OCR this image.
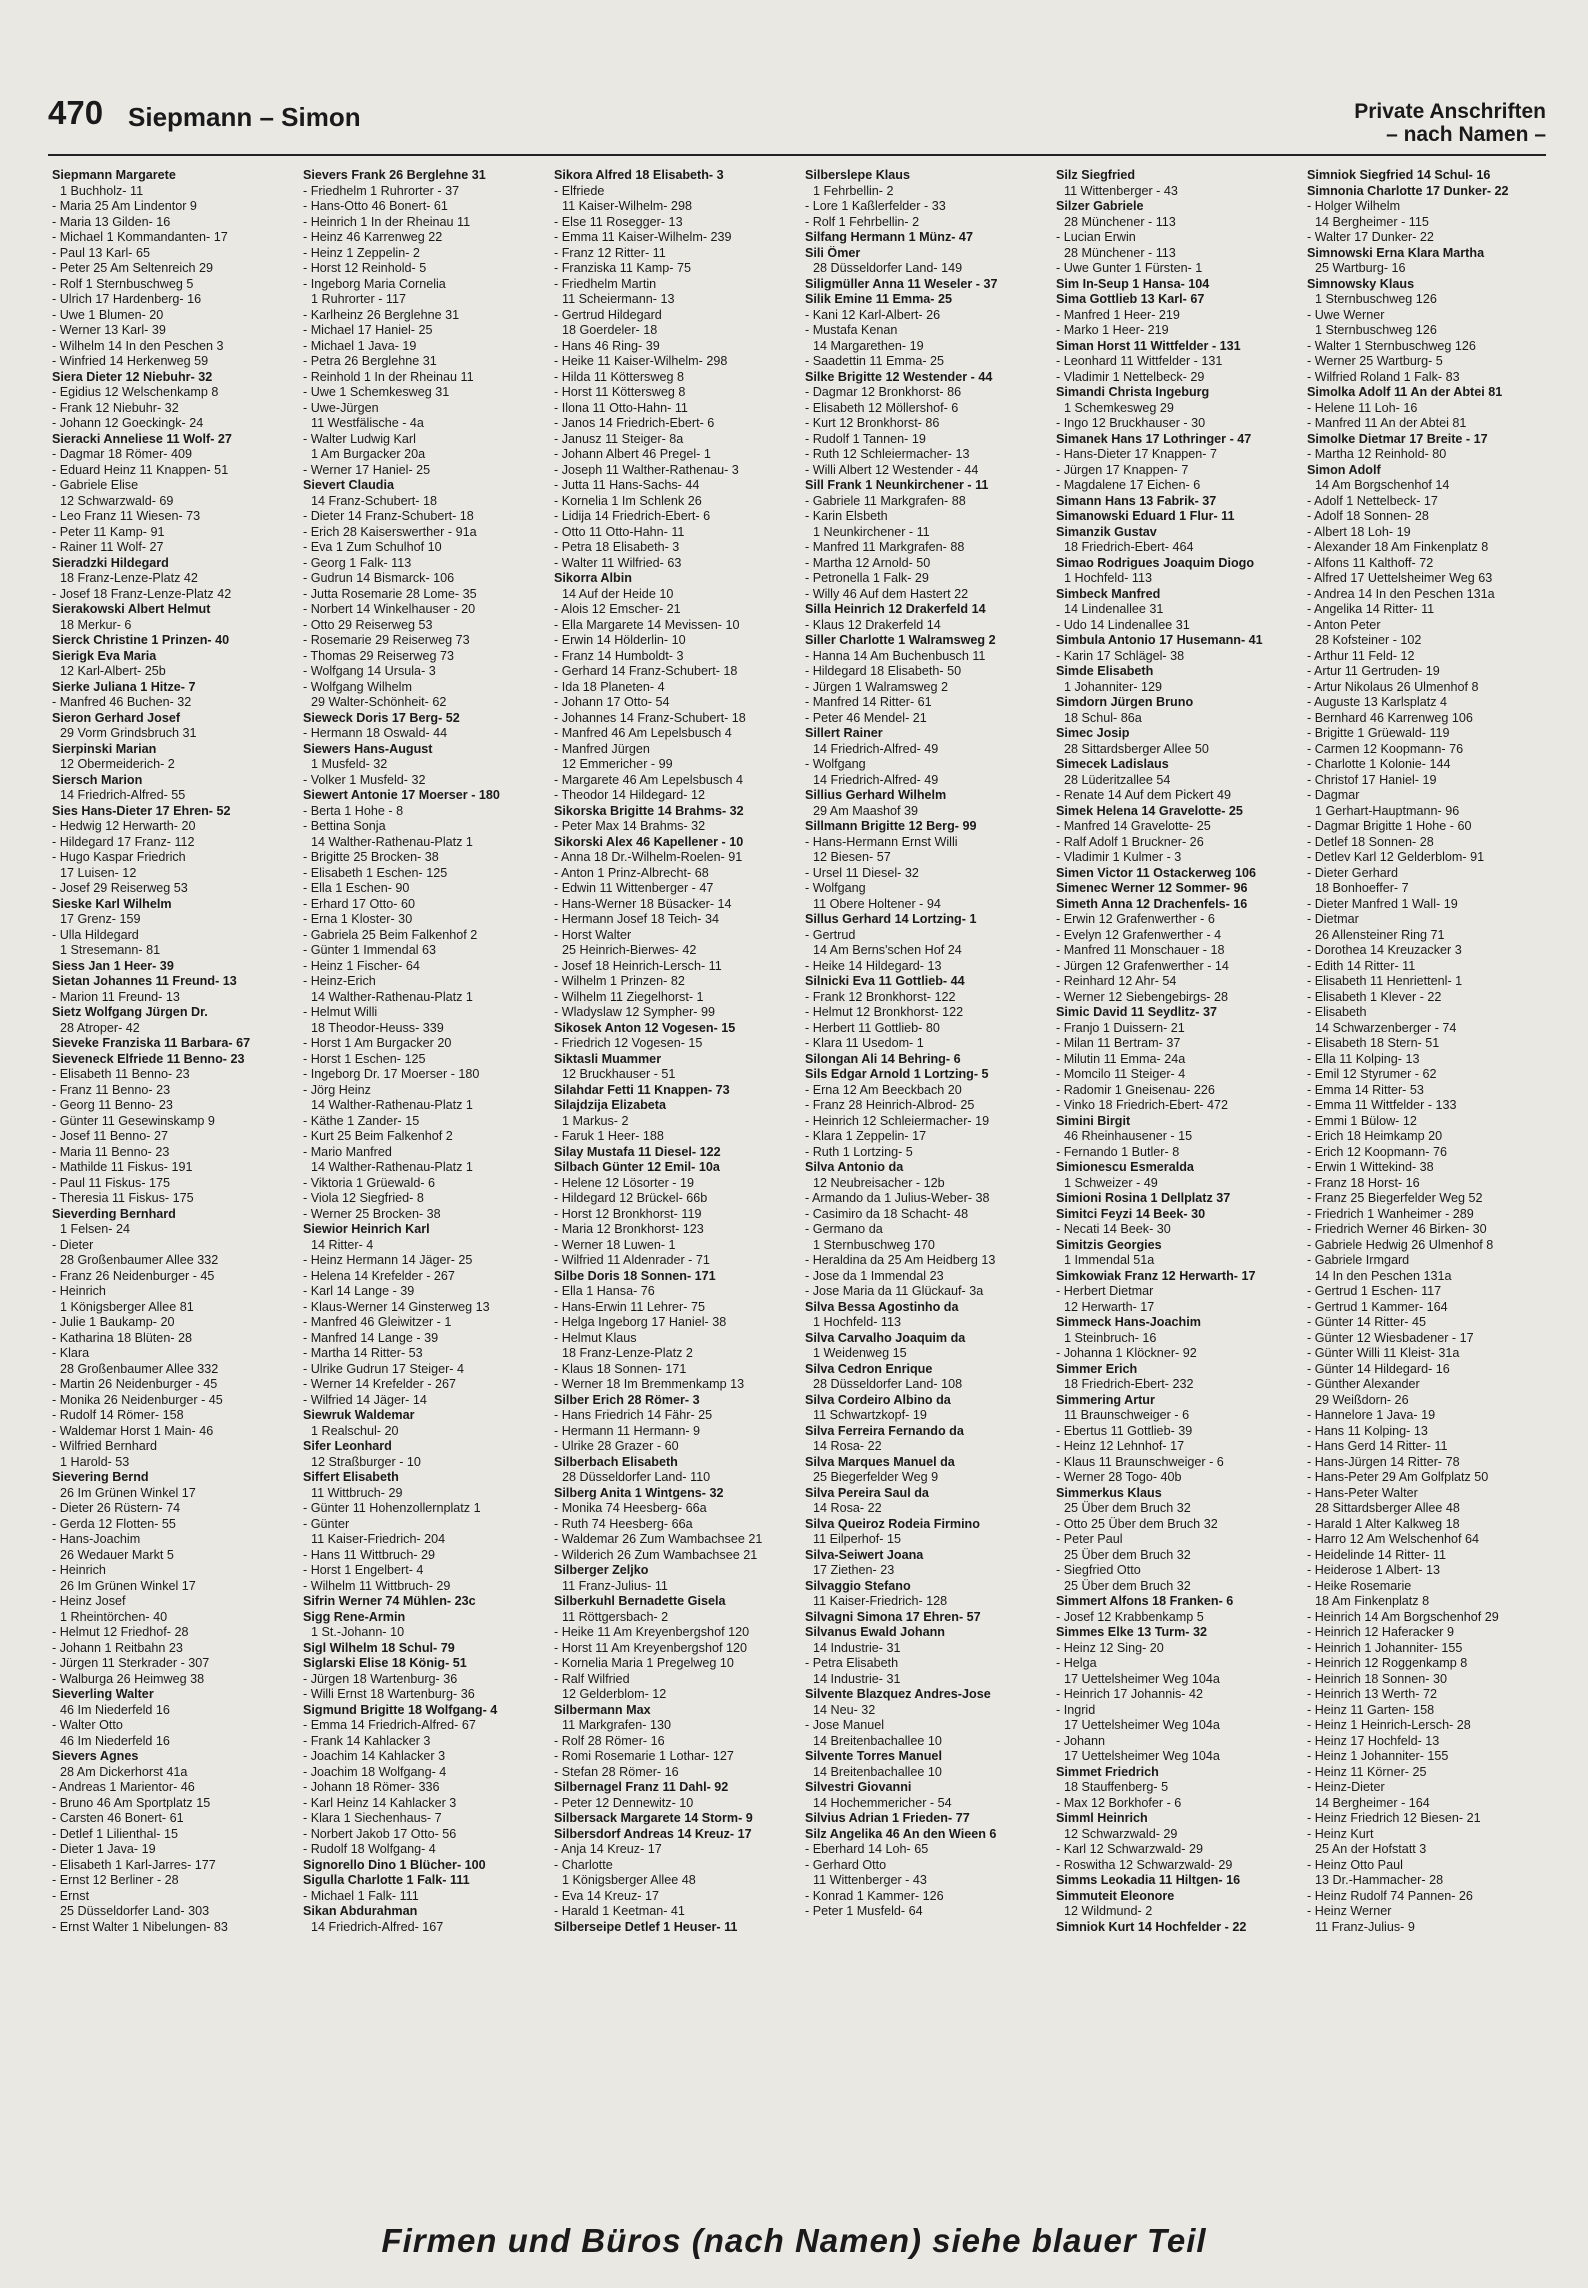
470 Siepmann – Simon	Private Anschriften
– nach Namen –
Siepmann Margarete
1 Buchholz- 11
- Maria 25 Am Lindentor 9
- Maria 13 Gilden- 16
- Michael 1 Kommandanten- 17
- Paul 13 Karl- 65
- Peter 25 Am Seltenreich 29
- Rolf 1 Sternbuschweg 5
- Ulrich 17 Hardenberg- 16
- Uwe 1 Blumen- 20
- Werner 13 Karl- 39
- Wilhelm 14 In den Peschen 3
- Winfried 14 Herkenweg 59
Siera Dieter 12 Niebuhr- 32
- Egidius 12 Welschenkamp 8
- Frank 12 Niebuhr- 32
- Johann 12 Goeckingk- 24
Sieracki Anneliese 11 Wolf- 27
- Dagmar 18 Römer- 409
- Eduard Heinz 11 Knappen- 51
- Gabriele Elise
12 Schwarzwald- 69
- Leo Franz 11 Wiesen- 73
- Peter 11 Kamp- 91
- Rainer 11 Wolf- 27
Sieradzki Hildegard
18 Franz-Lenze-Platz 42
- Josef 18 Franz-Lenze-Platz 42
Sierakowski Albert Helmut
18 Merkur- 6
Sierck Christine 1 Prinzen- 40
Sierigk Eva Maria
12 Karl-Albert- 25b
Sierke Juliana 1 Hitze- 7
- Manfred 46 Buchen- 32
Sieron Gerhard Josef
29 Vorm Grindsbruch 31
Sierpinski Marian
12 Obermeiderich- 2
Siersch Marion
14 Friedrich-Alfred- 55
Sies Hans-Dieter 17 Ehren- 52
- Hedwig 12 Herwarth- 20
- Hildegard 17 Franz- 112
- Hugo Kaspar Friedrich
17 Luisen- 12
- Josef 29 Reiserweg 53
Sieske Karl Wilhelm
17 Grenz- 159
- Ulla Hildegard
1 Stresemann- 81
Siess Jan 1 Heer- 39
Sietan Johannes 11 Freund- 13
- Marion 11 Freund- 13
Sietz Wolfgang Jürgen Dr.
28 Atroper- 42
Sieveke Franziska 11 Barbara- 67
Sieveneck Elfriede 11 Benno- 23
- Elisabeth 11 Benno- 23
- Franz 11 Benno- 23
- Georg 11 Benno- 23
- Günter 11 Gesewinskamp 9
- Josef 11 Benno- 27
- Maria 11 Benno- 23
- Mathilde 11 Fiskus- 191
- Paul 11 Fiskus- 175
- Theresia 11 Fiskus- 175
Sieverding Bernhard
1 Felsen- 24
- Dieter
28 Großenbaumer Allee 332
- Franz 26 Neidenburger - 45
- Heinrich
1 Königsberger Allee 81
- Julie 1 Baukamp- 20
- Katharina 18 Blüten- 28
- Klara
28 Großenbaumer Allee 332
- Martin 26 Neidenburger - 45
- Monika 26 Neidenburger - 45
- Rudolf 14 Römer- 158
- Waldemar Horst 1 Main- 46
- Wilfried Bernhard
1 Harold- 53
Sievering Bernd
26 Im Grünen Winkel 17
- Dieter 26 Rüstern- 74
- Gerda 12 Flotten- 55
- Hans-Joachim
26 Wedauer Markt 5
- Heinrich
26 Im Grünen Winkel 17
- Heinz Josef
1 Rheintörchen- 40
- Helmut 12 Friedhof- 28
- Johann 1 Reitbahn 23
- Jürgen 11 Sterkrader - 307
- Walburga 26 Heimweg 38
Sieverling Walter
46 Im Niederfeld 16
- Walter Otto
46 Im Niederfeld 16
Sievers Agnes
28 Am Dickerhorst 41a
- Andreas 1 Marientor- 46
- Bruno 46 Am Sportplatz 15
- Carsten 46 Bonert- 61
- Detlef 1 Lilienthal- 15
- Dieter 1 Java- 19
- Elisabeth 1 Karl-Jarres- 177
- Ernst 12 Berliner - 28
- Ernst
25 Düsseldorfer Land- 303
- Ernst Walter 1 Nibelungen- 83
Sievers Frank 26 Berglehne 31
- Friedhelm 1 Ruhrorter - 37
- Hans-Otto 46 Bonert- 61
- Heinrich 1 In der Rheinau 11
- Heinz 46 Karrenweg 22
- Heinz 1 Zeppelin- 2
- Horst 12 Reinhold- 5
- Ingeborg Maria Cornelia
1 Ruhrorter - 117
- Karlheinz 26 Berglehne 31
- Michael 17 Haniel- 25
- Michael 1 Java- 19
- Petra 26 Berglehne 31
- Reinhold 1 In der Rheinau 11
- Uwe 1 Schemkesweg 31
- Uwe-Jürgen
11 Westfälische - 4a
- Walter Ludwig Karl
1 Am Burgacker 20a
- Werner 17 Haniel- 25
Sievert Claudia
14 Franz-Schubert- 18
- Dieter 14 Franz-Schubert- 18
- Erich 28 Kaiserswerther - 91a
- Eva 1 Zum Schulhof 10
- Georg 1 Falk- 113
- Gudrun 14 Bismarck- 106
- Jutta Rosemarie 28 Lome- 35
- Norbert 14 Winkelhauser - 20
- Otto 29 Reiserweg 53
- Rosemarie 29 Reiserweg 73
- Thomas 29 Reiserweg 73
- Wolfgang 14 Ursula- 3
- Wolfgang Wilhelm
29 Walter-Schönheit- 62
Sieweck Doris 17 Berg- 52
- Hermann 18 Oswald- 44
Siewers Hans-August
1 Musfeld- 32
- Volker 1 Musfeld- 32
Siewert Antonie 17 Moerser - 180
- Berta 1 Hohe - 8
- Bettina Sonja
14 Walther-Rathenau-Platz 1
- Brigitte 25 Brocken- 38
- Elisabeth 1 Eschen- 125
- Ella 1 Eschen- 90
- Erhard 17 Otto- 60
- Erna 1 Kloster- 30
- Gabriela 25 Beim Falkenhof 2
- Günter 1 Immendal 63
- Heinz 1 Fischer- 64
- Heinz-Erich
14 Walther-Rathenau-Platz 1
- Helmut Willi
18 Theodor-Heuss- 339
- Horst 1 Am Burgacker 20
- Horst 1 Eschen- 125
- Ingeborg Dr. 17 Moerser - 180
- Jörg Heinz
14 Walther-Rathenau-Platz 1
- Käthe 1 Zander- 15
- Kurt 25 Beim Falkenhof 2
- Mario Manfred
14 Walther-Rathenau-Platz 1
- Viktoria 1 Grüewald- 6
- Viola 12 Siegfried- 8
- Werner 25 Brocken- 38
Siewior Heinrich Karl
14 Ritter- 4
- Heinz Hermann 14 Jäger- 25
- Helena 14 Krefelder - 267
- Karl 14 Lange - 39
- Klaus-Werner 14 Ginsterweg 13
- Manfred 46 Gleiwitzer - 1
- Manfred 14 Lange - 39
- Martha 14 Ritter- 53
- Ulrike Gudrun 17 Steiger- 4
- Werner 14 Krefelder - 267
- Wilfried 14 Jäger- 14
Siewruk Waldemar
1 Realschul- 20
Sifer Leonhard
12 Straßburger - 10
Siffert Elisabeth
11 Wittbruch- 29
- Günter 11 Hohenzollernplatz 1
- Günter
11 Kaiser-Friedrich- 204
- Hans 11 Wittbruch- 29
- Horst 1 Engelbert- 4
- Wilhelm 11 Wittbruch- 29
Sifrin Werner 74 Mühlen- 23c
Sigg Rene-Armin
1 St.-Johann- 10
Sigl Wilhelm 18 Schul- 79
Siglarski Elise 18 König- 51
- Jürgen 18 Wartenburg- 36
- Willi Ernst 18 Wartenburg- 36
Sigmund Brigitte 18 Wolfgang- 4
- Emma 14 Friedrich-Alfred- 67
- Frank 14 Kahlacker 3
- Joachim 14 Kahlacker 3
- Joachim 18 Wolfgang- 4
- Johann 18 Römer- 336
- Karl Heinz 14 Kahlacker 3
- Klara 1 Siechenhaus- 7
- Norbert Jakob 17 Otto- 56
- Rudolf 18 Wolfgang- 4
Signorello Dino 1 Blücher- 100
Sigulla Charlotte 1 Falk- 111
- Michael 1 Falk- 111
Sikan Abdurahman
14 Friedrich-Alfred- 167
Sikora Alfred 18 Elisabeth- 3
- Elfriede
11 Kaiser-Wilhelm- 298
- Else 11 Rosegger- 13
- Emma 11 Kaiser-Wilhelm- 239
- Franz 12 Ritter- 11
- Franziska 11 Kamp- 75
- Friedhelm Martin
11 Scheiermann- 13
- Gertrud Hildegard
18 Goerdeler- 18
- Hans 46 Ring- 39
- Heike 11 Kaiser-Wilhelm- 298
- Hilda 11 Köttersweg 8
- Horst 11 Köttersweg 8
- Ilona 11 Otto-Hahn- 11
- Janos 14 Friedrich-Ebert- 6
- Janusz 11 Steiger- 8a
- Johann Albert 46 Pregel- 1
- Joseph 11 Walther-Rathenau- 3
- Jutta 11 Hans-Sachs- 44
- Kornelia 1 Im Schlenk 26
- Lidija 14 Friedrich-Ebert- 6
- Otto 11 Otto-Hahn- 11
- Petra 18 Elisabeth- 3
- Walter 11 Wilfried- 63
Sikorra Albin
14 Auf der Heide 10
- Alois 12 Emscher- 21
- Ella Margarete 14 Mevissen- 10
- Erwin 14 Hölderlin- 10
- Franz 14 Humboldt- 3
- Gerhard 14 Franz-Schubert- 18
- Ida 18 Planeten- 4
- Johann 17 Otto- 54
- Johannes 14 Franz-Schubert- 18
- Manfred 46 Am Lepelsbusch 4
- Manfred Jürgen
12 Emmericher - 99
- Margarete 46 Am Lepelsbusch 4
- Theodor 14 Hildegard- 12
Sikorska Brigitte 14 Brahms- 32
- Peter Max 14 Brahms- 32
Sikorski Alex 46 Kapellener - 10
- Anna 18 Dr.-Wilhelm-Roelen- 91
- Anton 1 Prinz-Albrecht- 68
- Edwin 11 Wittenberger - 47
- Hans-Werner 18 Büsacker- 14
- Hermann Josef 18 Teich- 34
- Horst Walter
25 Heinrich-Bierwes- 42
- Josef 18 Heinrich-Lersch- 11
- Wilhelm 1 Prinzen- 82
- Wilhelm 11 Ziegelhorst- 1
- Wladyslaw 12 Sympher- 99
Sikosek Anton 12 Vogesen- 15
- Friedrich 12 Vogesen- 15
Siktasli Muammer
12 Bruckhauser - 51
Silahdar Fetti 11 Knappen- 73
Silajdzija Elizabeta
1 Markus- 2
- Faruk 1 Heer- 188
Silay Mustafa 11 Diesel- 122
Silbach Günter 12 Emil- 10a
- Helene 12 Lösorter - 19
- Hildegard 12 Brückel- 66b
- Horst 12 Bronkhorst- 119
- Maria 12 Bronkhorst- 123
- Werner 18 Luwen- 1
- Wilfried 11 Aldenrader - 71
Silbe Doris 18 Sonnen- 171
- Ella 1 Hansa- 76
- Hans-Erwin 11 Lehrer- 75
- Helga Ingeborg 17 Haniel- 38
- Helmut Klaus
18 Franz-Lenze-Platz 2
- Klaus 18 Sonnen- 171
- Werner 18 Im Bremmenkamp 13
Silber Erich 28 Römer- 3
- Hans Friedrich 14 Fähr- 25
- Hermann 11 Hermann- 9
- Ulrike 28 Grazer - 60
Silberbach Elisabeth
28 Düsseldorfer Land- 110
Silberg Anita 1 Wintgens- 32
- Monika 74 Heesberg- 66a
- Ruth 74 Heesberg- 66a
- Waldemar 26 Zum Wambachsee 21
- Wilderich 26 Zum Wambachsee 21
Silberger Zeljko
11 Franz-Julius- 11
Silberkuhl Bernadette Gisela
11 Röttgersbach- 2
- Heike 11 Am Kreyenbergshof 120
- Horst 11 Am Kreyenbergshof 120
- Kornelia Maria 1 Pregelweg 10
- Ralf Wilfried
12 Gelderblom- 12
Silbermann Max
11 Markgrafen- 130
- Rolf 28 Römer- 16
- Romi Rosemarie 1 Lothar- 127
- Stefan 28 Römer- 16
Silbernagel Franz 11 Dahl- 92
- Peter 12 Dennewitz- 10
Silbersack Margarete 14 Storm- 9
Silbersdorf Andreas 14 Kreuz- 17
- Anja 14 Kreuz- 17
- Charlotte
1 Königsberger Allee 48
- Eva 14 Kreuz- 17
- Harald 1 Keetman- 41
Silberseipe Detlef 1 Heuser- 11
Silberslepe Klaus
1 Fehrbellin- 2
- Lore 1 Kaßlerfelder - 33
- Rolf 1 Fehrbellin- 2
Silfang Hermann 1 Münz- 47
Sili Ömer
28 Düsseldorfer Land- 149
Siligmüller Anna 11 Weseler - 37
Silik Emine 11 Emma- 25
- Kani 12 Karl-Albert- 26
- Mustafa Kenan
14 Margarethen- 19
- Saadettin 11 Emma- 25
Silke Brigitte 12 Westender - 44
- Dagmar 12 Bronkhorst- 86
- Elisabeth 12 Möllershof- 6
- Kurt 12 Bronkhorst- 86
- Rudolf 1 Tannen- 19
- Ruth 12 Schleiermacher- 13
- Willi Albert 12 Westender - 44
Sill Frank 1 Neunkirchener - 11
- Gabriele 11 Markgrafen- 88
- Karin Elsbeth
1 Neunkirchener - 11
- Manfred 11 Markgrafen- 88
- Martha 12 Arnold- 50
- Petronella 1 Falk- 29
- Willy 46 Auf dem Hastert 22
Silla Heinrich 12 Drakerfeld 14
- Klaus 12 Drakerfeld 14
Siller Charlotte 1 Walramsweg 2
- Hanna 14 Am Buchenbusch 11
- Hildegard 18 Elisabeth- 50
- Jürgen 1 Walramsweg 2
- Manfred 14 Ritter- 61
- Peter 46 Mendel- 21
Sillert Rainer
14 Friedrich-Alfred- 49
- Wolfgang
14 Friedrich-Alfred- 49
Sillius Gerhard Wilhelm
29 Am Maashof 39
Sillmann Brigitte 12 Berg- 99
- Hans-Hermann Ernst Willi
12 Biesen- 57
- Ursel 11 Diesel- 32
- Wolfgang
11 Obere Holtener - 94
Sillus Gerhard 14 Lortzing- 1
- Gertrud
14 Am Berns'schen Hof 24
- Heike 14 Hildegard- 13
Silnicki Eva 11 Gottlieb- 44
- Frank 12 Bronkhorst- 122
- Helmut 12 Bronkhorst- 122
- Herbert 11 Gottlieb- 80
- Klara 11 Usedom- 1
Silongan Ali 14 Behring- 6
Sils Edgar Arnold 1 Lortzing- 5
- Erna 12 Am Beeckbach 20
- Franz 28 Heinrich-Albrod- 25
- Heinrich 12 Schleiermacher- 19
- Klara 1 Zeppelin- 17
- Ruth 1 Lortzing- 5
Silva Antonio da
12 Neubreisacher - 12b
- Armando da 1 Julius-Weber- 38
- Casimiro da 18 Schacht- 48
- Germano da
1 Sternbuschweg 170
- Heraldina da 25 Am Heidberg 13
- Jose da 1 Immendal 23
- Jose Maria da 11 Glückauf- 3a
Silva Bessa Agostinho da
1 Hochfeld- 113
Silva Carvalho Joaquim da
1 Weidenweg 15
Silva Cedron Enrique
28 Düsseldorfer Land- 108
Silva Cordeiro Albino da
11 Schwartzkopf- 19
Silva Ferreira Fernando da
14 Rosa- 22
Silva Marques Manuel da
25 Biegerfelder Weg 9
Silva Pereira Saul da
14 Rosa- 22
Silva Queiroz Rodeia Firmino
11 Eilperhof- 15
Silva-Seiwert Joana
17 Ziethen- 23
Silvaggio Stefano
11 Kaiser-Friedrich- 128
Silvagni Simona 17 Ehren- 57
Silvanus Ewald Johann
14 Industrie- 31
- Petra Elisabeth
14 Industrie- 31
Silvente Blazquez Andres-Jose
14 Neu- 32
- Jose Manuel
14 Breitenbachallee 10
Silvente Torres Manuel
14 Breitenbachallee 10
Silvestri Giovanni
14 Hochemmericher - 54
Silvius Adrian 1 Frieden- 77
Silz Angelika 46 An den Wieen 6
- Eberhard 14 Loh- 65
- Gerhard Otto
11 Wittenberger - 43
- Konrad 1 Kammer- 126
- Peter 1 Musfeld- 64
Silz Siegfried
11 Wittenberger - 43
Silzer Gabriele
28 Münchener - 113
- Lucian Erwin
28 Münchener - 113
- Uwe Gunter 1 Fürsten- 1
Sim In-Seup 1 Hansa- 104
Sima Gottlieb 13 Karl- 67
- Manfred 1 Heer- 219
- Marko 1 Heer- 219
Siman Horst 11 Wittfelder - 131
- Leonhard 11 Wittfelder - 131
- Vladimir 1 Nettelbeck- 29
Simandi Christa Ingeburg
1 Schemkesweg 29
- Ingo 12 Bruckhauser - 30
Simanek Hans 17 Lothringer - 47
- Hans-Dieter 17 Knappen- 7
- Jürgen 17 Knappen- 7
- Magdalene 17 Eichen- 6
Simann Hans 13 Fabrik- 37
Simanowski Eduard 1 Flur- 11
Simanzik Gustav
18 Friedrich-Ebert- 464
Simao Rodrigues Joaquim Diogo
1 Hochfeld- 113
Simbeck Manfred
14 Lindenallee 31
- Udo 14 Lindenallee 31
Simbula Antonio 17 Husemann- 41
- Karin 17 Schlägel- 38
Simde Elisabeth
1 Johanniter- 129
Simdorn Jürgen Bruno
18 Schul- 86a
Simec Josip
28 Sittardsberger Allee 50
Simecek Ladislaus
28 Lüderitzallee 54
- Renate 14 Auf dem Pickert 49
Simek Helena 14 Gravelotte- 25
- Manfred 14 Gravelotte- 25
- Ralf Adolf 1 Bruckner- 26
- Vladimir 1 Kulmer - 3
Simen Victor 11 Ostackerweg 106
Simenec Werner 12 Sommer- 96
Simeth Anna 12 Drachenfels- 16
- Erwin 12 Grafenwerther - 6
- Evelyn 12 Grafenwerther - 4
- Manfred 11 Monschauer - 18
- Jürgen 12 Grafenwerther - 14
- Reinhard 12 Ahr- 54
- Werner 12 Siebengebirgs- 28
Simic David 11 Seydlitz- 37
- Franjo 1 Duissern- 21
- Milan 11 Bertram- 37
- Milutin 11 Emma- 24a
- Momcilo 11 Steiger- 4
- Radomir 1 Gneisenau- 226
- Vinko 18 Friedrich-Ebert- 472
Simini Birgit
46 Rheinhausener - 15
- Fernando 1 Butler- 8
Simionescu Esmeralda
1 Schweizer - 49
Simioni Rosina 1 Dellplatz 37
Simitci Feyzi 14 Beek- 30
- Necati 14 Beek- 30
Simitzis Georgies
1 Immendal 51a
Simkowiak Franz 12 Herwarth- 17
- Herbert Dietmar
12 Herwarth- 17
Simmeck Hans-Joachim
1 Steinbruch- 16
- Johanna 1 Klöckner- 92
Simmer Erich
18 Friedrich-Ebert- 232
Simmering Artur
11 Braunschweiger - 6
- Ebertus 11 Gottlieb- 39
- Heinz 12 Lehnhof- 17
- Klaus 11 Braunschweiger - 6
- Werner 28 Togo- 40b
Simmerkus Klaus
25 Über dem Bruch 32
- Otto 25 Über dem Bruch 32
- Peter Paul
25 Über dem Bruch 32
- Siegfried Otto
25 Über dem Bruch 32
Simmert Alfons 18 Franken- 6
- Josef 12 Krabbenkamp 5
Simmes Elke 13 Turm- 32
- Heinz 12 Sing- 20
- Helga
17 Uettelsheimer Weg 104a
- Heinrich 17 Johannis- 42
- Ingrid
17 Uettelsheimer Weg 104a
- Johann
17 Uettelsheimer Weg 104a
Simmet Friedrich
18 Stauffenberg- 5
- Max 12 Borkhofer - 6
Simml Heinrich
12 Schwarzwald- 29
- Karl 12 Schwarzwald- 29
- Roswitha 12 Schwarzwald- 29
Simms Leokadia 11 Hiltgen- 16
Simmuteit Eleonore
12 Wildmund- 2
Simniok Kurt 14 Hochfelder - 22
Simniok Siegfried 14 Schul- 16
Simnonia Charlotte 17 Dunker- 22
- Holger Wilhelm
14 Bergheimer - 115
- Walter 17 Dunker- 22
Simnowski Erna Klara Martha
25 Wartburg- 16
Simnowsky Klaus
1 Sternbuschweg 126
- Uwe Werner
1 Sternbuschweg 126
- Walter 1 Sternbuschweg 126
- Werner 25 Wartburg- 5
- Wilfried Roland 1 Falk- 83
Simolka Adolf 11 An der Abtei 81
- Helene 11 Loh- 16
- Manfred 11 An der Abtei 81
Simolke Dietmar 17 Breite - 17
- Martha 12 Reinhold- 80
Simon Adolf
14 Am Borgschenhof 14
- Adolf 1 Nettelbeck- 17
- Adolf 18 Sonnen- 28
- Albert 18 Loh- 19
- Alexander 18 Am Finkenplatz 8
- Alfons 11 Kalthoff- 72
- Alfred 17 Uettelsheimer Weg 63
- Andrea 14 In den Peschen 131a
- Angelika 14 Ritter- 11
- Anton Peter
28 Kofsteiner - 102
- Arthur 11 Feld- 12
- Artur 11 Gertruden- 19
- Artur Nikolaus 26 Ulmenhof 8
- Auguste 13 Karlsplatz 4
- Bernhard 46 Karrenweg 106
- Brigitte 1 Grüewald- 119
- Carmen 12 Koopmann- 76
- Charlotte 1 Kolonie- 144
- Christof 17 Haniel- 19
- Dagmar
1 Gerhart-Hauptmann- 96
- Dagmar Brigitte 1 Hohe - 60
- Detlef 18 Sonnen- 28
- Detlev Karl 12 Gelderblom- 91
- Dieter Gerhard
18 Bonhoeffer- 7
- Dieter Manfred 1 Wall- 19
- Dietmar
26 Allensteiner Ring 71
- Dorothea 14 Kreuzacker 3
- Edith 14 Ritter- 11
- Elisabeth 11 Henriettenl- 1
- Elisabeth 1 Klever - 22
- Elisabeth
14 Schwarzenberger - 74
- Elisabeth 18 Stern- 51
- Ella 11 Kolping- 13
- Emil 12 Styrumer - 62
- Emma 14 Ritter- 53
- Emma 11 Wittfelder - 133
- Emmi 1 Bülow- 12
- Erich 18 Heimkamp 20
- Erich 12 Koopmann- 76
- Erwin 1 Wittekind- 38
- Franz 18 Horst- 16
- Franz 25 Biegerfelder Weg 52
- Friedrich 1 Wanheimer - 289
- Friedrich Werner 46 Birken- 30
- Gabriele Hedwig 26 Ulmenhof 8
- Gabriele Irmgard
14 In den Peschen 131a
- Gertrud 1 Eschen- 117
- Gertrud 1 Kammer- 164
- Günter 14 Ritter- 45
- Günter 12 Wiesbadener - 17
- Günter Willi 11 Kleist- 31a
- Günter 14 Hildegard- 16
- Günther Alexander
29 Weißdorn- 26
- Hannelore 1 Java- 19
- Hans 11 Kolping- 13
- Hans Gerd 14 Ritter- 11
- Hans-Jürgen 14 Ritter- 78
- Hans-Peter 29 Am Golfplatz 50
- Hans-Peter Walter
28 Sittardsberger Allee 48
- Harald 1 Alter Kalkweg 18
- Harro 12 Am Welschenhof 64
- Heidelinde 14 Ritter- 11
- Heiderose 1 Albert- 13
- Heike Rosemarie
18 Am Finkenplatz 8
- Heinrich 14 Am Borgschenhof 29
- Heinrich 12 Haferacker 9
- Heinrich 1 Johanniter- 155
- Heinrich 12 Roggenkamp 8
- Heinrich 18 Sonnen- 30
- Heinrich 13 Werth- 72
- Heinz 11 Garten- 158
- Heinz 1 Heinrich-Lersch- 28
- Heinz 17 Hochfeld- 13
- Heinz 1 Johanniter- 155
- Heinz 11 Körner- 25
- Heinz-Dieter
14 Bergheimer - 164
- Heinz Friedrich 12 Biesen- 21
- Heinz Kurt
25 An der Hofstatt 3
- Heinz Otto Paul
13 Dr.-Hammacher- 28
- Heinz Rudolf 74 Pannen- 26
- Heinz Werner
11 Franz-Julius- 9
Firmen und Büros (nach Namen) siehe blauer Teil
